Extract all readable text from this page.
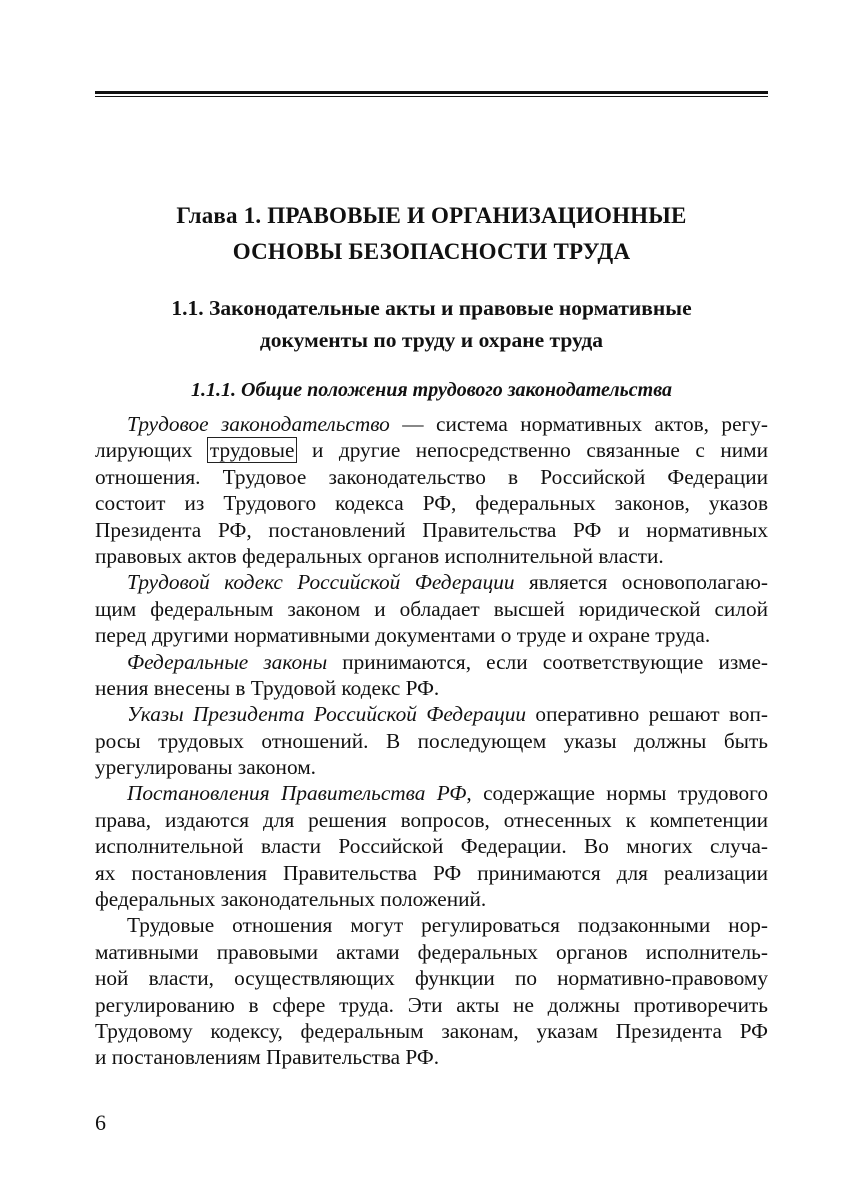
Глава 1. ПРАВОВЫЕ И ОРГАНИЗАЦИОННЫЕ
ОСНОВЫ БЕЗОПАСНОСТИ ТРУДА
1.1. Законодательные акты и правовые нормативные
документы по труду и охране труда
1.1.1. Общие положения трудового законодательства
Трудовое законодательство — система нормативных актов, регу-
лирующих трудовые и другие непосредственно связанные с ними
отношения. Трудовое законодательство в Российской Федерации
состоит из Трудового кодекса РФ, федеральных законов, указов
Президента РФ, постановлений Правительства РФ и нормативных
правовых актов федеральных органов исполнительной власти.
Трудовой кодекс Российской Федерации является основополагаю-
щим федеральным законом и обладает высшей юридической силой
перед другими нормативными документами о труде и охране труда.
Федеральные законы принимаются, если соответствующие изме-
нения внесены в Трудовой кодекс РФ.
Указы Президента Российской Федерации оперативно решают воп-
росы трудовых отношений. В последующем указы должны быть
урегулированы законом.
Постановления Правительства РФ, содержащие нормы трудового
права, издаются для решения вопросов, отнесенных к компетенции
исполнительной власти Российской Федерации. Во многих случа-
ях постановления Правительства РФ принимаются для реализации
федеральных законодательных положений.
Трудовые отношения могут регулироваться подзаконными нор-
мативными правовыми актами федеральных органов исполнитель-
ной власти, осуществляющих функции по нормативно-правовому
регулированию в сфере труда. Эти акты не должны противоречить
Трудовому кодексу, федеральным законам, указам Президента РФ
и постановлениям Правительства РФ.
6
